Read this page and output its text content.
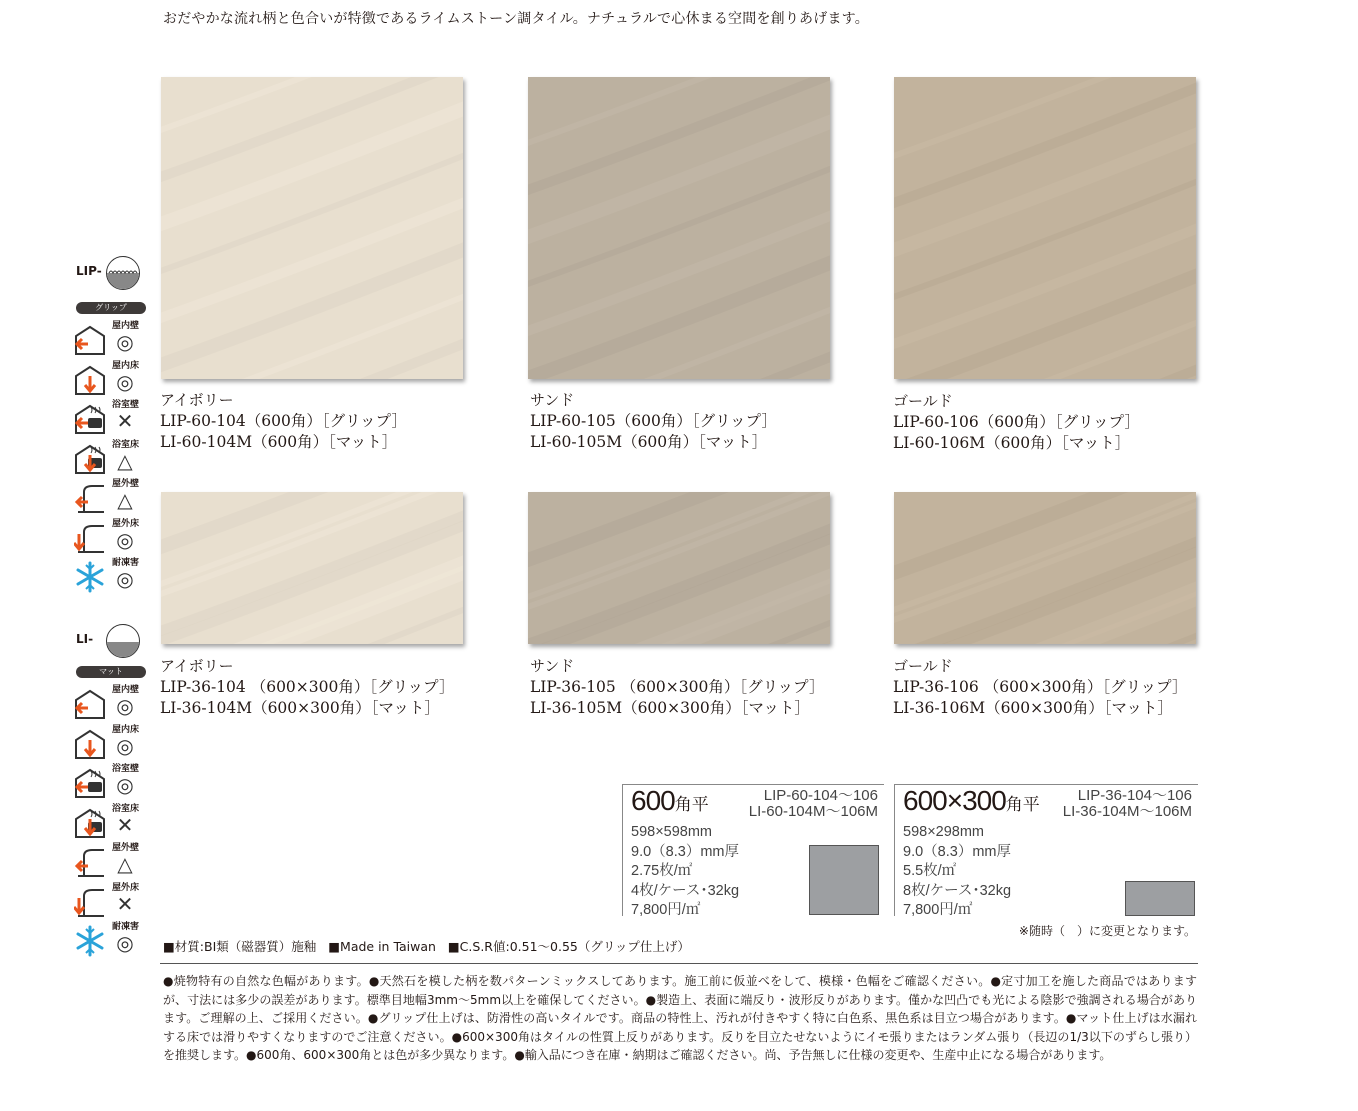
おだやかな流れ柄と色合いが特徴であるライムストーン調タイル。ナチュラルで心休まる空間を創りあげます。
アイボリー
LIP-60-104（600角）［グリップ］
LI-60-104M（600角）［マット］
サンド
LIP-60-105（600角）［グリップ］
LI-60-105M（600角）［マット］
ゴールド
LIP-60-106（600角）［グリップ］
LI-60-106M（600角）［マット］
アイボリー
LIP-36-104 （600×300角）［グリップ］
LI-36-104M（600×300角）［マット］
サンド
LIP-36-105 （600×300角）［グリップ］
LI-36-105M（600×300角）［マット］
ゴールド
LIP-36-106 （600×300角）［グリップ］
LI-36-106M（600×300角）［マット］
LIP-
グリップ
屋内壁
◎
屋内床
◎
浴室壁
✕
浴室床
△
屋外壁
△
屋外床
◎
耐凍害
◎
LI-
マット
屋内壁
◎
屋内床
◎
浴室壁
◎
浴室床
✕
屋外壁
△
屋外床
✕
耐凍害
◎
600角平	LIP-60-104～106
LI-60-104M～106M
598×598mm
9.0（8.3）mm厚
2.75枚/㎡
4枚/ケース･32kg
7,800円/㎡
600×300角平	LIP-36-104～106
LI-36-104M～106M
598×298mm
9.0（8.3）mm厚
5.5枚/㎡
8枚/ケース･32kg
7,800円/㎡
※随時（　）に変更となります。
■材質:BⅠ類（磁器質）施釉 ■Made in Taiwan ■C.S.R値:0.51～0.55（グリップ仕上げ）
●焼物特有の自然な色幅があります。●天然石を模した柄を数パターンミックスしてあります。施工前に仮並べをして、模様・色幅をご確認ください。●定寸加工を施した商品ではありますが、寸法には多少の誤差があります。標準目地幅3mm～5mm以上を確保してください。●製造上、表面に端反り・波形反りがあります。僅かな凹凸でも光による陰影で強調される場合があります。ご理解の上、ご採用ください。●グリップ仕上げは、防滑性の高いタイルです。商品の特性上、汚れが付きやすく特に白色系、黒色系は目立つ場合があります。●マット仕上げは水漏れする床では滑りやすくなりますのでご注意ください。●600×300角はタイルの性質上反りがあります。反りを目立たせないようにイモ張りまたはランダム張り（長辺の1/3以下のずらし張り）を推奨します。●600角、600×300角とは色が多少異なります。●輸入品につき在庫・納期はご確認ください。尚、予告無しに仕様の変更や、生産中止になる場合があります。
